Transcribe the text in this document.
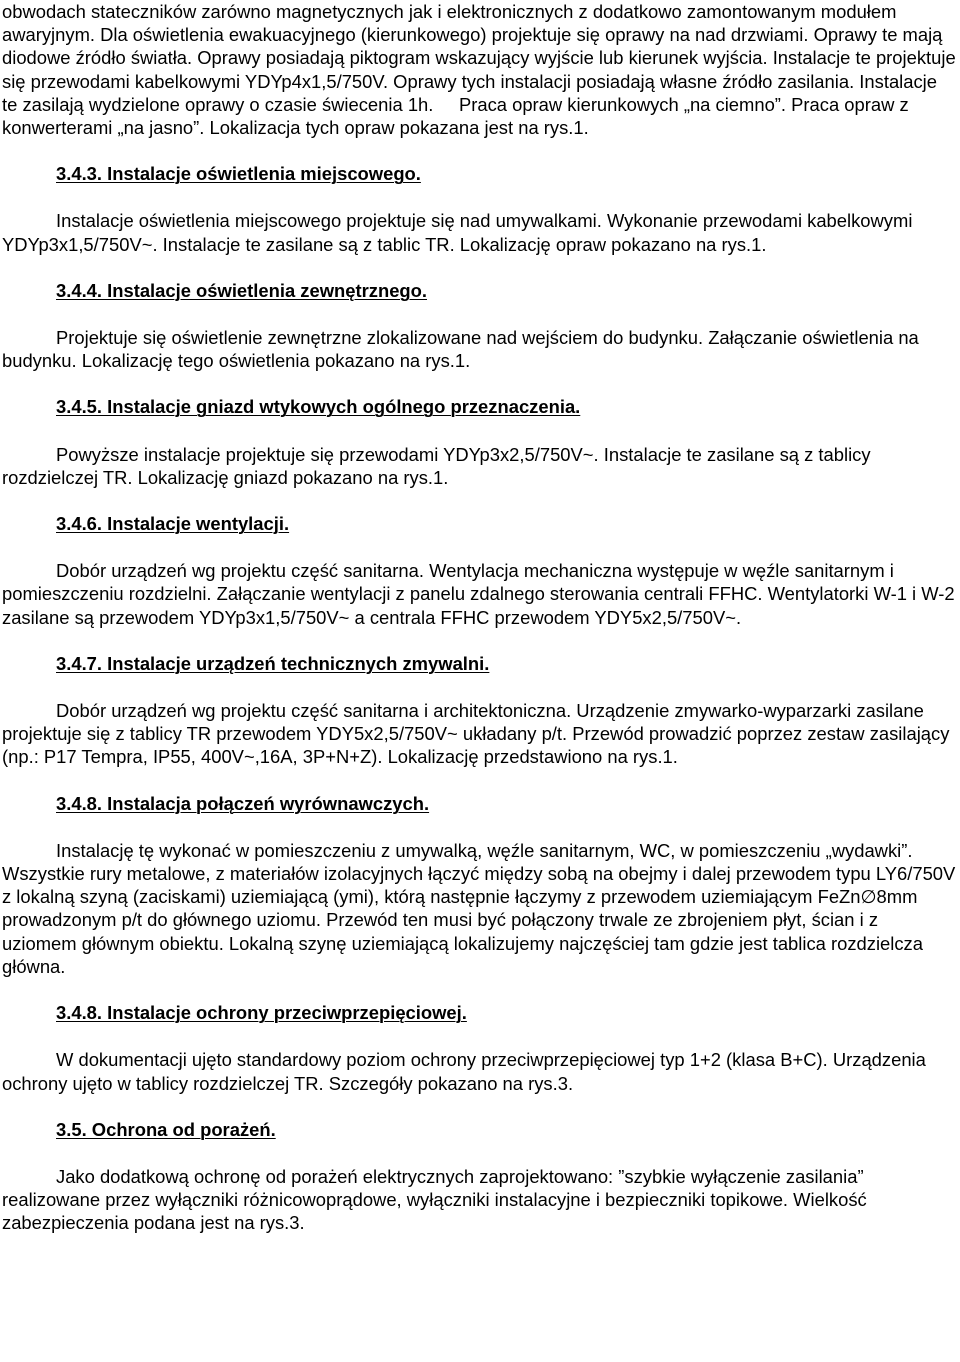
obwodach stateczników zarówno magnetycznych jak i elektronicznych z dodatkowo zamontowanym modułem awaryjnym. Dla oświetlenia ewakuacyjnego (kierunkowego) projektuje się oprawy na nad drzwiami. Oprawy te mają diodowe źródło światła. Oprawy posiadają piktogram wskazujący wyjście lub kierunek wyjścia. Instalacje te projektuje się przewodami kabelkowymi YDYp4x1,5/750V. Oprawy tych instalacji posiadają własne źródło zasilania. Instalacje te zasilają wydzielone oprawy o czasie świecenia 1h. Praca opraw kierunkowych „na ciemno”. Praca opraw z konwerterami „na jasno”. Lokalizacja tych opraw pokazana jest na rys.1.

3.4.3. Instalacje oświetlenia miejscowego.

Instalacje oświetlenia miejscowego projektuje się nad umywalkami. Wykonanie przewodami kabelkowymi YDYp3x1,5/750V~. Instalacje te zasilane są z tablic TR. Lokalizację opraw pokazano na rys.1.

3.4.4. Instalacje oświetlenia zewnętrznego.

Projektuje się oświetlenie zewnętrzne zlokalizowane nad wejściem do budynku. Załączanie oświetlenia na budynku. Lokalizację tego oświetlenia pokazano na rys.1.

3.4.5. Instalacje gniazd wtykowych ogólnego przeznaczenia.

Powyższe instalacje projektuje się przewodami YDYp3x2,5/750V~. Instalacje te zasilane są z tablicy rozdzielczej TR. Lokalizację gniazd pokazano na rys.1.

3.4.6. Instalacje wentylacji.

Dobór urządzeń wg projektu część sanitarna. Wentylacja mechaniczna występuje w węźle sanitarnym i pomieszczeniu rozdzielni. Załączanie wentylacji z panelu zdalnego sterowania centrali FFHC. Wentylatorki W-1 i W-2 zasilane są przewodem YDYp3x1,5/750V~ a centrala FFHC przewodem YDY5x2,5/750V~.

3.4.7. Instalacje urządzeń technicznych zmywalni.

Dobór urządzeń wg projektu część sanitarna i architektoniczna. Urządzenie zmywarko-wyparzarki zasilane projektuje się z tablicy TR przewodem YDY5x2,5/750V~ układany p/t. Przewód prowadzić poprzez zestaw zasilający (np.: P17 Tempra, IP55, 400V~,16A, 3P+N+Z). Lokalizację przedstawiono na rys.1.

3.4.8. Instalacja połączeń wyrównawczych.

Instalację tę wykonać w pomieszczeniu z umywalką, węźle sanitarnym, WC, w pomieszczeniu „wydawki”. Wszystkie rury metalowe, z materiałów izolacyjnych łączyć między sobą na obejmy i dalej przewodem typu LY6/750V z lokalną szyną (zaciskami) uziemiającą (ymi), którą następnie łączymy z przewodem uziemiającym FeZn∅8mm prowadzonym p/t do głównego uziomu. Przewód ten musi być połączony trwale ze zbrojeniem płyt, ścian i z uziomem głównym obiektu. Lokalną szynę uziemiającą lokalizujemy najczęściej tam gdzie jest tablica rozdzielcza główna.

3.4.8. Instalacje ochrony przeciwprzepięciowej.

W dokumentacji ujęto standardowy poziom ochrony przeciwprzepięciowej typ 1+2 (klasa B+C). Urządzenia ochrony ujęto w tablicy rozdzielczej TR. Szczegóły pokazano na rys.3.

3.5. Ochrona od porażeń.

Jako dodatkową ochronę od porażeń elektrycznych zaprojektowano: ”szybkie wyłączenie zasilania” realizowane przez wyłączniki różnicowoprądowe, wyłączniki instalacyjne i bezpieczniki topikowe. Wielkość zabezpieczenia podana jest na rys.3.
